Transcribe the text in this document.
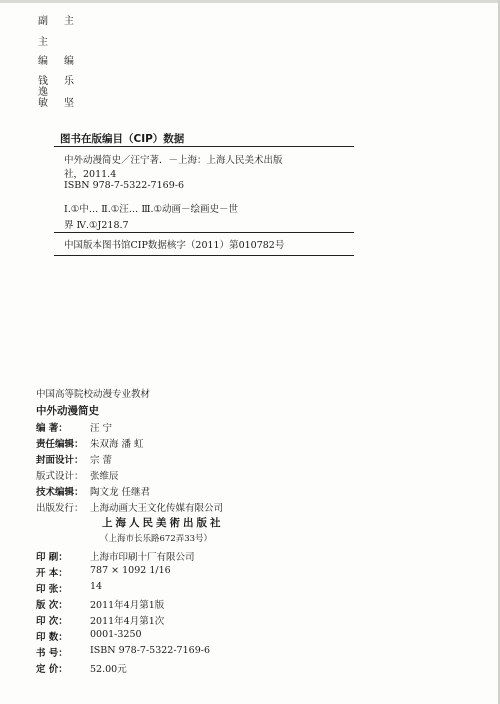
副 主
主
编 编
钱 乐
逸
敏 坚
图书在版编目（CIP）数据
中外动漫简史／汪宁著．－上海：上海人民美术出版
社，2011.4
ISBN 978-7-5322-7169-6
Ⅰ.①中… Ⅱ.①汪… Ⅲ.①动画－绘画史－世
界 Ⅳ.①J218.7
中国版本图书馆CIP数据核字（2011）第010782号
中国高等院校动漫专业教材
中外动漫简史
编 著： 汪 宁
责任编辑： 朱双海 潘 虹
封面设计： 宗 蕾
版式设计： 张维辰
技术编辑： 陶文龙 任继君
出版发行： 上海动画大王文化传媒有限公司
上海人民美術出版社
（上海市长乐路672弄33号）
印 刷： 上海市印刷十厂有限公司
开 本： 787 × 1092 1/16
印 张： 14
版 次： 2011年4月第1版
印 次： 2011年4月第1次
印 数： 0001-3250
书 号： ISBN 978-7-5322-7169-6
定 价： 52.00元
